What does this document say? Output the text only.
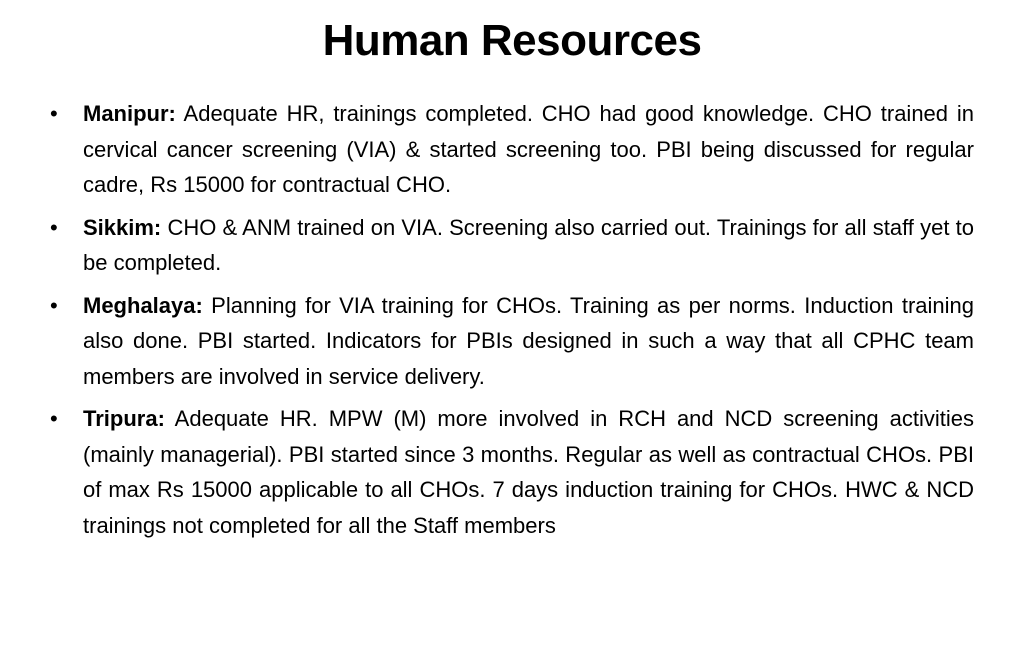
Human Resources
• Manipur: Adequate HR, trainings completed. CHO had good knowledge. CHO trained in cervical cancer screening (VIA) & started screening too. PBI being discussed for regular cadre, Rs 15000 for contractual CHO.
• Sikkim: CHO & ANM trained on VIA. Screening also carried out. Trainings for all staff yet to be completed.
• Meghalaya: Planning for VIA training for CHOs. Training as per norms. Induction training also done. PBI started. Indicators for PBIs designed in such a way that all CPHC team members are involved in service delivery.
• Tripura: Adequate HR. MPW (M) more involved in RCH and NCD screening activities (mainly managerial). PBI started since 3 months. Regular as well as contractual CHOs. PBI of max Rs 15000 applicable to all CHOs. 7 days induction training for CHOs. HWC & NCD trainings not completed for all the Staff members
